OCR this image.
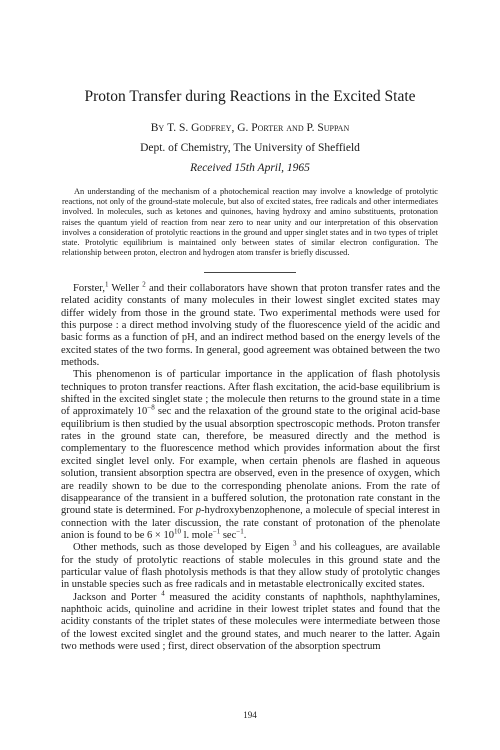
Proton Transfer during Reactions in the Excited State
By T. S. Godfrey, G. Porter and P. Suppan
Dept. of Chemistry, The University of Sheffield
Received 15th April, 1965

An understanding of the mechanism of a photochemical reaction may involve a knowledge of protolytic reactions, not only of the ground-state molecule, but also of excited states, free radicals and other intermediates involved. In molecules, such as ketones and quinones, having hydroxy and amino substituents, protonation raises the quantum yield of reaction from near zero to near unity and our interpretation of this observation involves a consideration of protolytic reactions in the ground and upper singlet states and in two types of triplet state. Protolytic equilibrium is maintained only between states of similar electron configuration. The relationship between proton, electron and hydrogen atom transfer is briefly discussed.

Forster,$^1$ Weller $^2$ and their collaborators have shown that proton transfer rates and the related acidity constants of many molecules in their lowest singlet excited states may differ widely from those in the ground state. Two experimental methods were used for this purpose : a direct method involving study of the fluorescence yield of the acidic and basic forms as a function of pH, and an indirect method based on the energy levels of the excited states of the two forms. In general, good agreement was obtained between the two methods.

This phenomenon is of particular importance in the application of flash photolysis techniques to proton transfer reactions. After flash excitation, the acid-base equilibrium is shifted in the excited singlet state ; the molecule then returns to the ground state in a time of approximately $10^{-8}$ sec and the relaxation of the ground state to the original acid-base equilibrium is then studied by the usual absorption spectroscopic methods. Proton transfer rates in the ground state can, therefore, be measured directly and the method is complementary to the fluorescence method which provides information about the first excited singlet level only. For example, when certain phenols are flashed in aqueous solution, transient absorption spectra are observed, even in the presence of oxygen, which are readily shown to be due to the corresponding phenolate anions. From the rate of disappearance of the transient in a buffered solution, the protonation rate constant in the ground state is determined. For p-hydroxybenzophenone, a molecule of special interest in connection with the later discussion, the rate constant of protonation of the phenolate anion is found to be $6 \times 10^{10}$ l. mole$^{-1}$ $\sec^{-1}$.

Other methods, such as those developed by Eigen $^3$ and his colleagues, are available for the study of protolytic reactions of stable molecules in this ground state and the particular value of flash photolysis methods is that they allow study of protolytic changes in unstable species such as free radicals and in metastable electronically excited states.

Jackson and Porter $^4$ measured the acidity constants of naphthols, naphthylamines, naphthoic acids, quinoline and acridine in their lowest triplet states and found that the acidity constants of the triplet states of these molecules were intermediate between those of the lowest excited singlet and the ground states, and much nearer to the latter. Again two methods were used ; first, direct observation of the absorption spectrum

194
